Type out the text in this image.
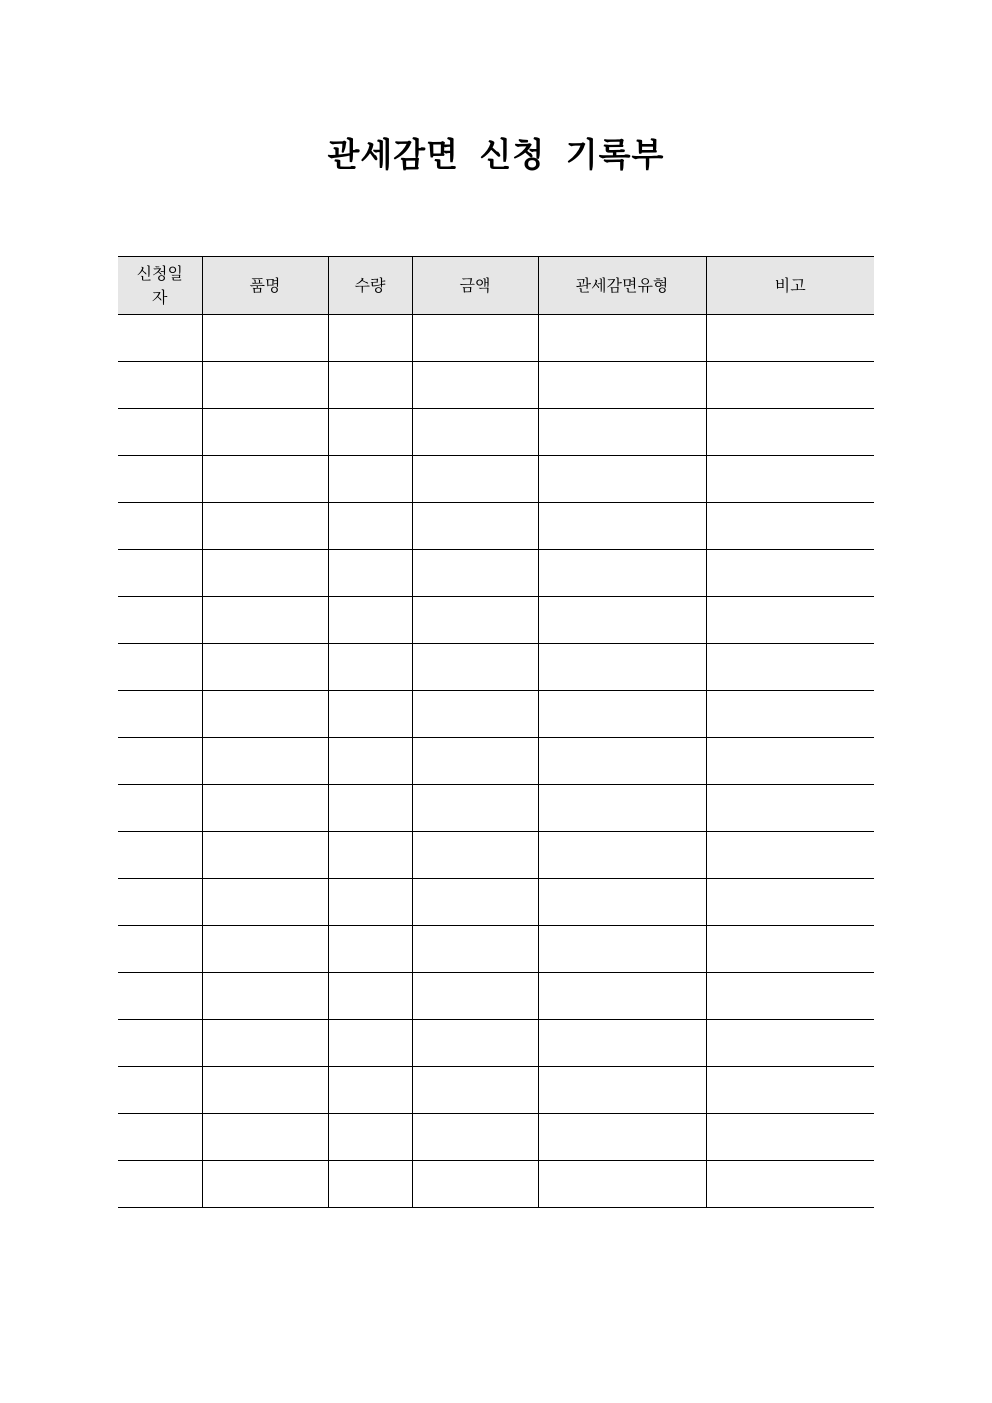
관세감면 신청 기록부
신청일자	품명	수량	금액	관세감면유형	비고
